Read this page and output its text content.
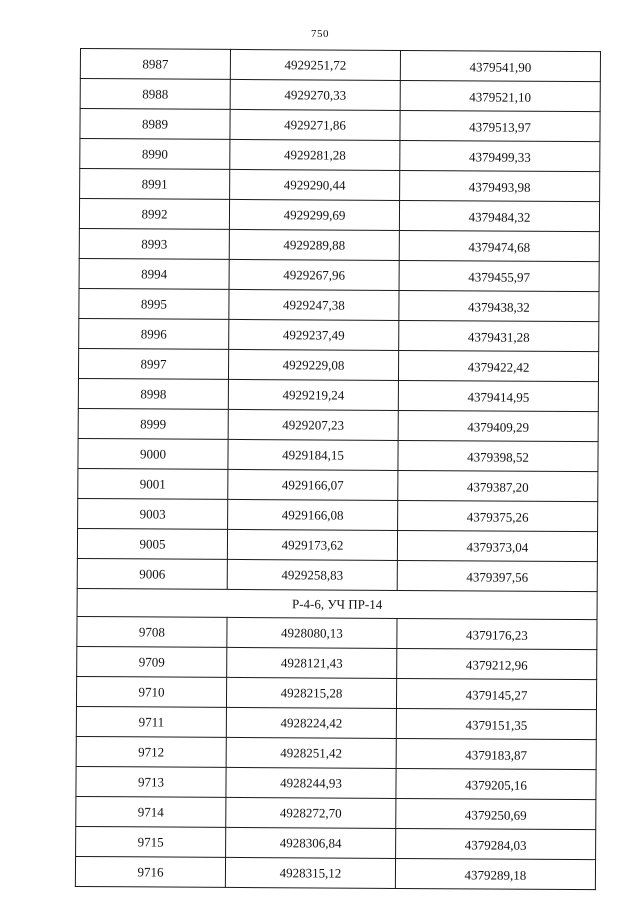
750
8987	4929251,72	4379541,90
8988	4929270,33	4379521,10
8989	4929271,86	4379513,97
8990	4929281,28	4379499,33
8991	4929290,44	4379493,98
8992	4929299,69	4379484,32
8993	4929289,88	4379474,68
8994	4929267,96	4379455,97
8995	4929247,38	4379438,32
8996	4929237,49	4379431,28
8997	4929229,08	4379422,42
8998	4929219,24	4379414,95
8999	4929207,23	4379409,29
9000	4929184,15	4379398,52
9001	4929166,07	4379387,20
9003	4929166,08	4379375,26
9005	4929173,62	4379373,04
9006	4929258,83	4379397,56
Р-4-6, УЧ ПР-14		
9708	4928080,13	4379176,23
9709	4928121,43	4379212,96
9710	4928215,28	4379145,27
9711	4928224,42	4379151,35
9712	4928251,42	4379183,87
9713	4928244,93	4379205,16
9714	4928272,70	4379250,69
9715	4928306,84	4379284,03
9716	4928315,12	4379289,18
